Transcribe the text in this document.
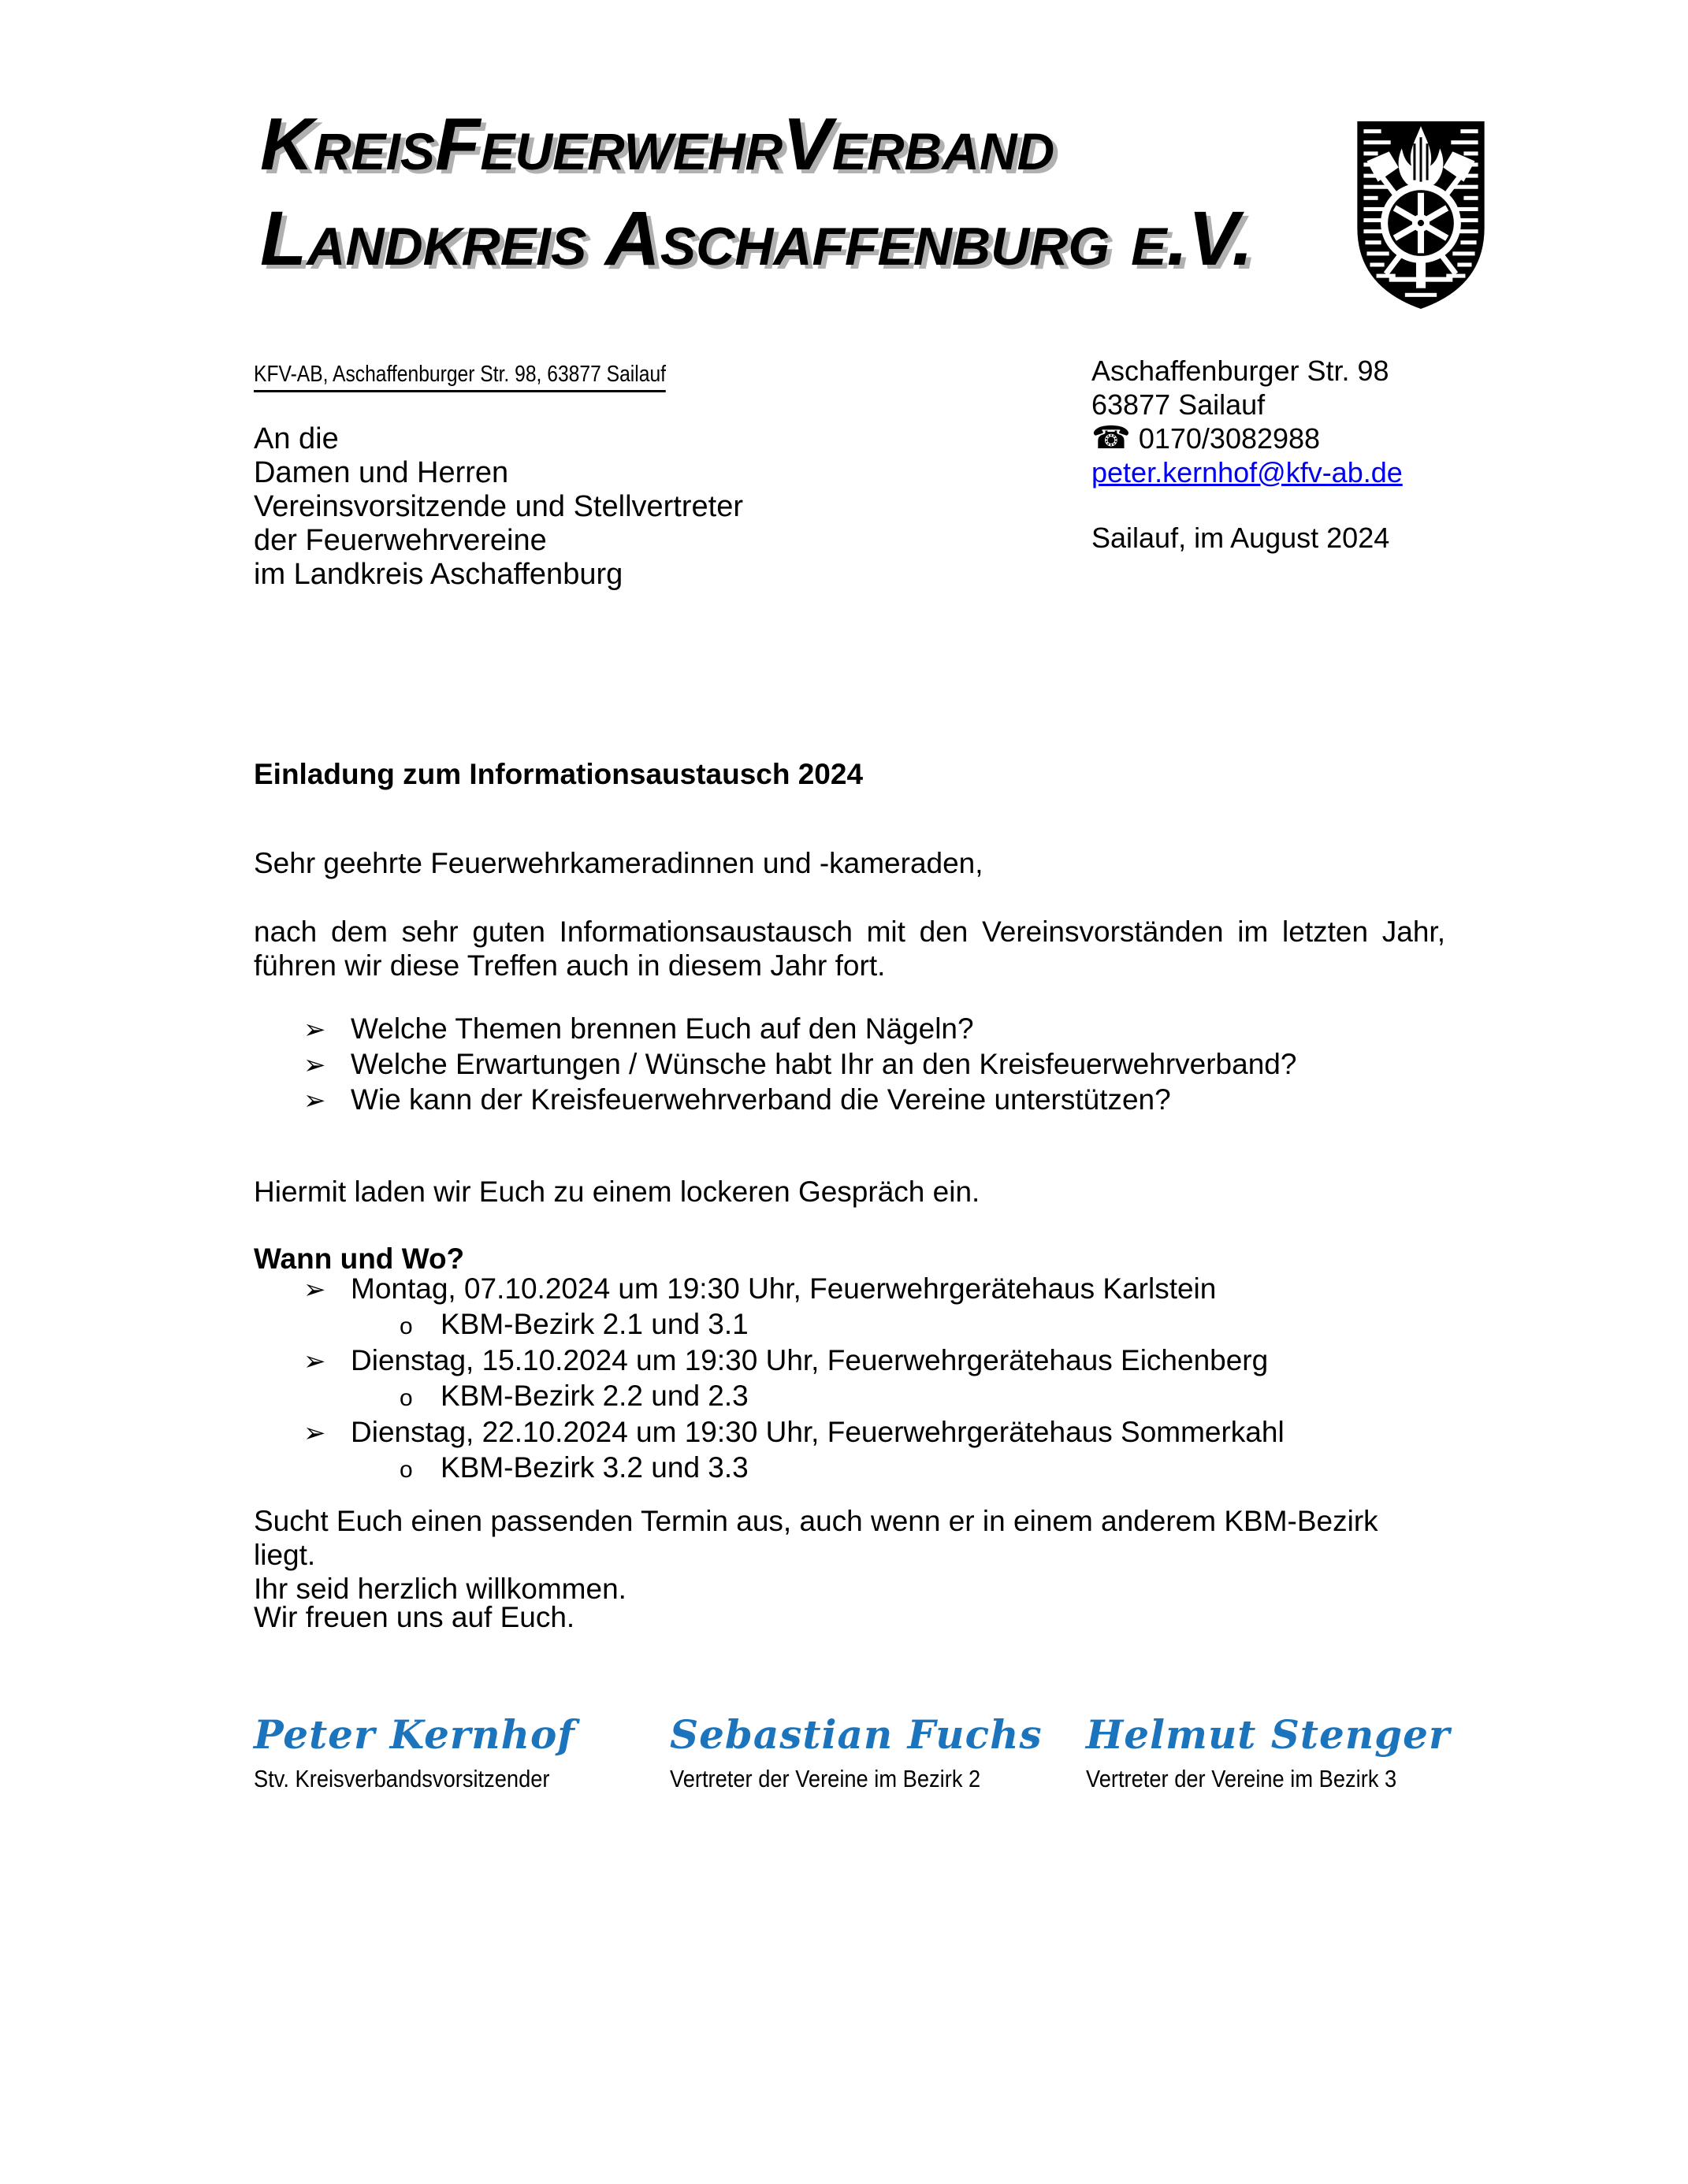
KreisFeuerwehrVerband
Landkreis Aschaffenburg e.V.
KFV-AB, Aschaffenburger Str. 98, 63877 Sailauf
An die
Damen und Herren
Vereinsvorsitzende und Stellvertreter
der Feuerwehrvereine
im Landkreis Aschaffenburg
Aschaffenburger Str. 98
63877 Sailauf
☎ 0170/3082988
peter.kernhof@kfv-ab.de
Sailauf, im August 2024
Einladung zum Informationsaustausch 2024
Sehr geehrte Feuerwehrkameradinnen und -kameraden,
nach dem sehr guten Informationsaustausch mit den Vereinsvorständen im letzten Jahr, führen wir diese Treffen auch in diesem Jahr fort.
➢ Welche Themen brennen Euch auf den Nägeln?
➢ Welche Erwartungen / Wünsche habt Ihr an den Kreisfeuerwehrverband?
➢ Wie kann der Kreisfeuerwehrverband die Vereine unterstützen?
Hiermit laden wir Euch zu einem lockeren Gespräch ein.
Wann und Wo?
➢ Montag, 07.10.2024 um 19:30 Uhr, Feuerwehrgerätehaus Karlstein
o KBM-Bezirk 2.1 und 3.1
➢ Dienstag, 15.10.2024 um 19:30 Uhr, Feuerwehrgerätehaus Eichenberg
o KBM-Bezirk 2.2 und 2.3
➢ Dienstag, 22.10.2024 um 19:30 Uhr, Feuerwehrgerätehaus Sommerkahl
o KBM-Bezirk 3.2 und 3.3
Sucht Euch einen passenden Termin aus, auch wenn er in einem anderem KBM-Bezirk liegt.
Ihr seid herzlich willkommen.
Wir freuen uns auf Euch.
Peter Kernhof
Stv. Kreisverbandsvorsitzender
Sebastian Fuchs
Vertreter der Vereine im Bezirk 2
Helmut Stenger
Vertreter der Vereine im Bezirk 3
